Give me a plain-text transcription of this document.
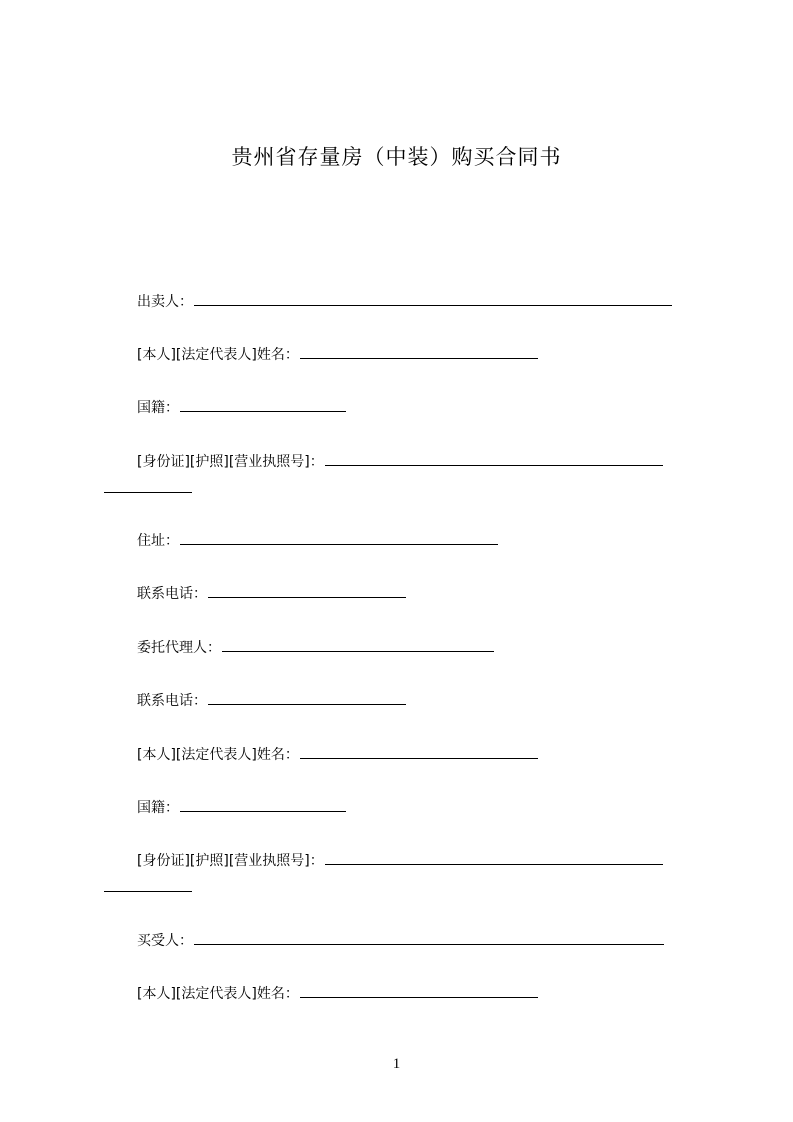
贵州省存量房（中装）购买合同书
出卖人：
[本人][法定代表人]姓名：
国籍：
[身份证][护照][营业执照号]：
住址：
联系电话：
委托代理人：
联系电话：
[本人][法定代表人]姓名：
国籍：
[身份证][护照][营业执照号]：
买受人：
[本人][法定代表人]姓名：
1
